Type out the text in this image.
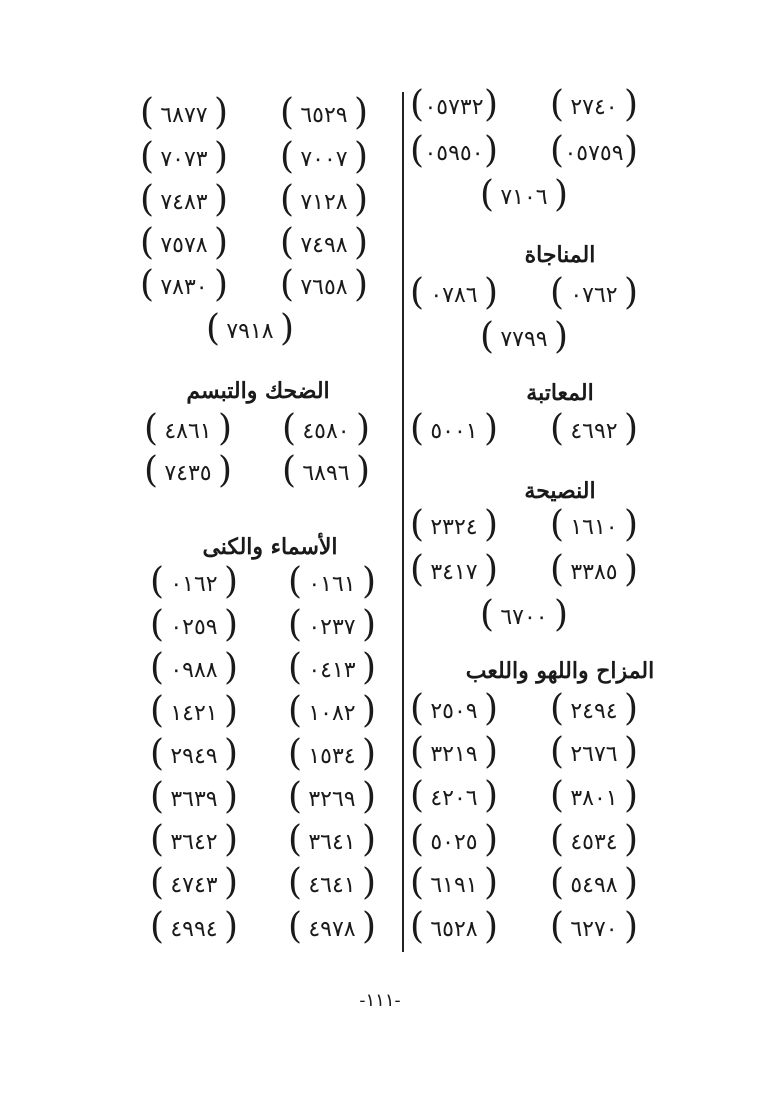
( ٠٥٧٣٢ )	( ٢٧٤٠ )
( ٠٥٩٥٠ )	( ٠٥٧٥٩ )
( ٧١٠٦ )
المناجاة
( ٠٧٨٦ )	( ٠٧٦٢ )
( ٧٧٩٩ )
المعاتبة
( ٥٠٠١ )	( ٤٦٩٢ )
النصيحة
( ٢٣٢٤ )	( ١٦١٠ )
( ٣٤١٧ )	( ٣٣٨٥ )
( ٦٧٠٠ )
المزاح واللهو واللعب
( ٢٥٠٩ )	( ٢٤٩٤ )
( ٣٢١٩ )	( ٢٦٧٦ )
( ٤٢٠٦ )	( ٣٨٠١ )
( ٥٠٢٥ )	( ٤٥٣٤ )
( ٦١٩١ )	( ٥٤٩٨ )
( ٦٥٢٨ )	( ٦٢٧٠ )
( ٦٨٧٧ )	( ٦٥٢٩ )
( ٧٠٧٣ )	( ٧٠٠٧ )
( ٧٤٨٣ )	( ٧١٢٨ )
( ٧٥٧٨ )	( ٧٤٩٨ )
( ٧٨٣٠ )	( ٧٦٥٨ )
( ٧٩١٨ )
الضحك والتبسم
( ٤٨٦١ )	( ٤٥٨٠ )
( ٧٤٣٥ )	( ٦٨٩٦ )
الأسماء والكنى
( ٠١٦٢ )	( ٠١٦١ )
( ٠٢٥٩ )	( ٠٢٣٧ )
( ٠٩٨٨ )	( ٠٤١٣ )
( ١٤٢١ )	( ١٠٨٢ )
( ٢٩٤٩ )	( ١٥٣٤ )
( ٣٦٣٩ )	( ٣٢٦٩ )
( ٣٦٤٢ )	( ٣٦٤١ )
( ٤٧٤٣ )	( ٤٦٤١ )
( ٤٩٩٤ )	( ٤٩٧٨ )
-١١١-
